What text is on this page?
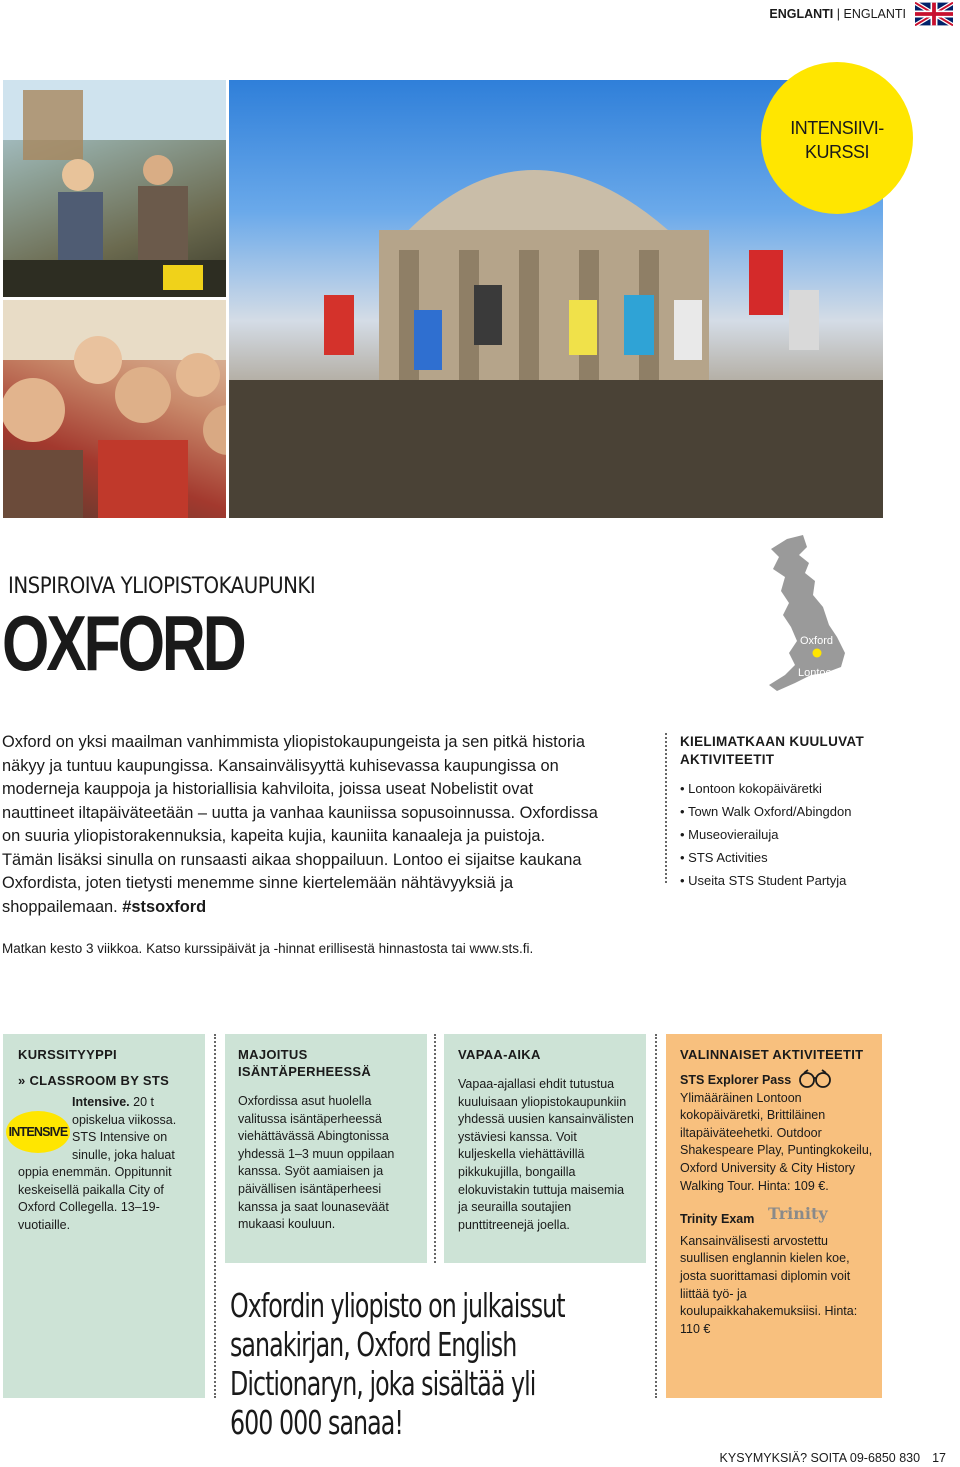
ENGLANTI | ENGLANTI
INTENSIIVI-
KURSSI
INSPIROIVA YLIOPISTOKAUPUNKI
OXFORD	Oxford
Lontoo
Oxford on yksi maailman vanhimmista yliopistokaupungeista ja sen pitkä historia näkyy ja tuntuu kaupungissa. Kansainvälisyyttä kuhisevassa kaupungissa on moderneja kauppoja ja historiallisia kahviloita, joissa useat Nobelistit ovat nauttineet iltapäiväteetään – uutta ja vanhaa kauniissa sopusoinnussa. Oxfordissa on suuria yliopistorakennuksia, kapeita kujia, kauniita kanaaleja ja puistoja. Tämän lisäksi sinulla on runsaasti aikaa shoppailuun. Lontoo ei sijaitse kaukana Oxfordista, joten tietysti menemme sinne kiertelemään nähtävyyksiä ja shoppailemaan. #stsoxford
Matkan kesto 3 viikkoa. Katso kurssipäivät ja -hinnat erillisestä hinnastosta tai www.sts.fi.
KIELIMATKAAN KUULUVAT AKTIVITEETIT
• Lontoon kokopäiväretki
• Town Walk Oxford/Abingdon
• Museovierailuja
• STS Activities
• Useita STS Student Partyja
KURSSITYYPPI
» CLASSROOM BY STS
INTENSIVE
Intensive. 20 t
opiskelua viikossa.
STS Intensive on
sinulle, joka haluat
oppia enemmän. Oppitunnit keskeisellä paikalla City of Oxford Collegella. 13–19-vuotiaille.
MAJOITUS ISÄNTÄPERHEESSÄ
Oxfordissa asut huolella valitussa isäntäperheessä viehättävässä Abingtonissa yhdessä 1–3 muun oppilaan kanssa. Syöt aamiaisen ja päivällisen isäntäperheesi kanssa ja saat lounaseväät mukaasi kouluun.
VAPAA-AIKA
Vapaa-ajallasi ehdit tutustua kuuluisaan yliopistokaupunkiin yhdessä uusien kansainvälisten ystäviesi kanssa. Voit kuljeskella viehättävillä pikkukujilla, bongailla elokuvistakin tuttuja maisemia ja seurailla soutajien punttitreenejä joella.
VALINNAISET AKTIVITEETIT
STS Explorer Pass
Ylimääräinen Lontoon kokopäiväretki, Brittiläinen iltapäiväteehetki. Outdoor Shakespeare Play, Puntingkokeilu, Oxford University & City History Walking Tour. Hinta: 109 €.
Trinity Exam Trinity
Kansainvälisesti arvostettu suullisen englannin kielen koe, josta suorittamasi diplomin voit liittää työ- ja koulupaikkahakemuksiisi. Hinta: 110 €
Oxfordin yliopisto on julkaissut sanakirjan, Oxford English Dictionaryn, joka sisältää yli 600 000 sanaa!
KYSYMYKSIÄ? SOITA 09-6850 830 17
